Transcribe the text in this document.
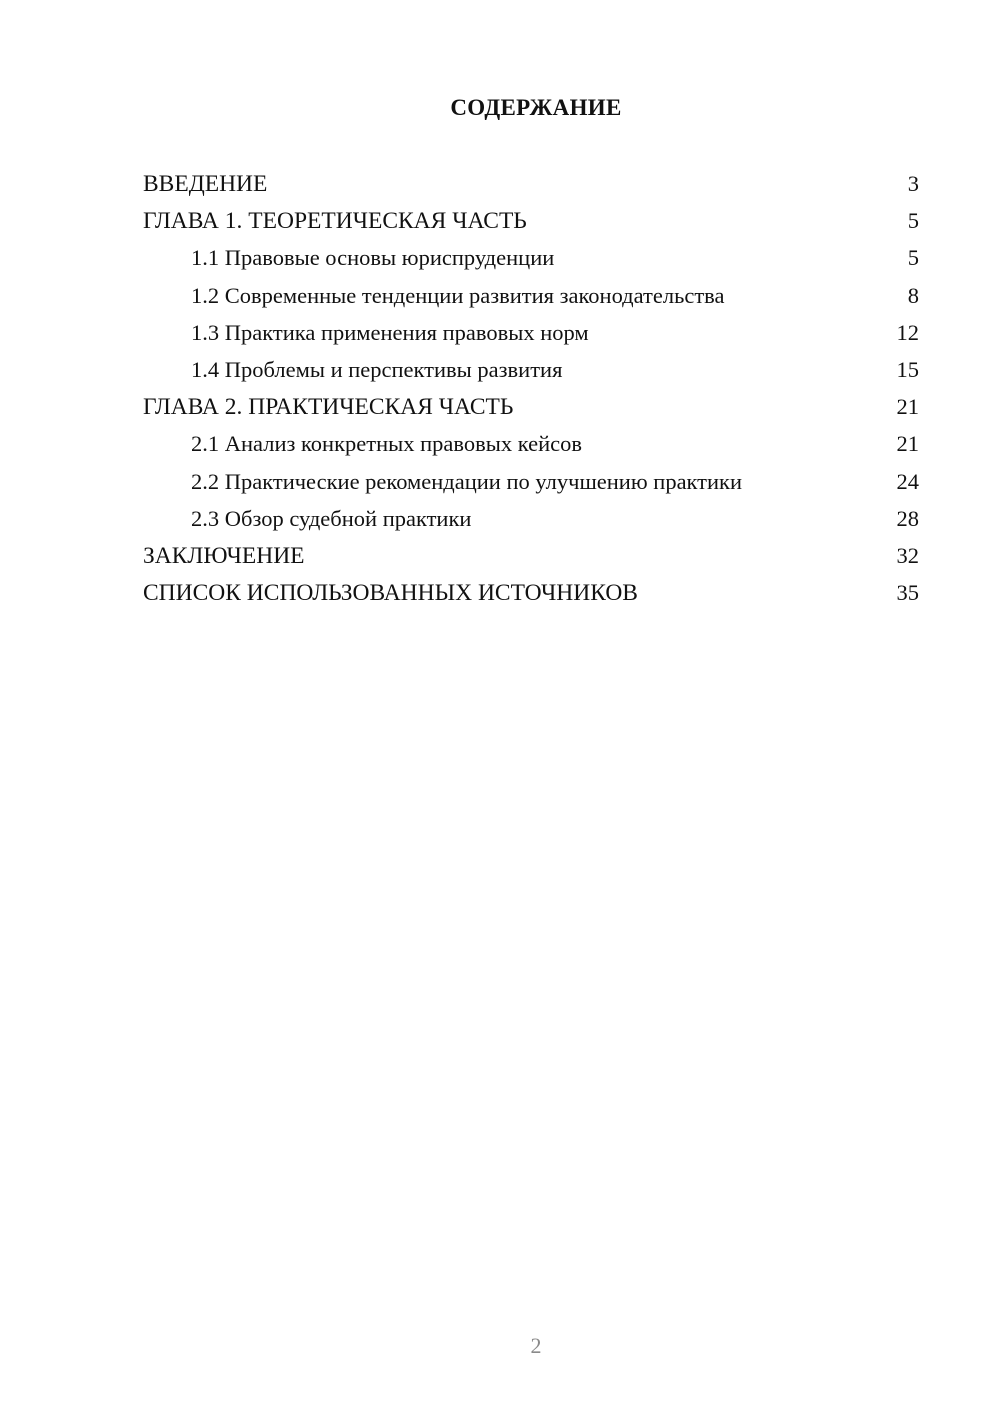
СОДЕРЖАНИЕ
ВВЕДЕНИЕ	3
ГЛАВА 1. ТЕОРЕТИЧЕСКАЯ ЧАСТЬ	5
1.1 Правовые основы юриспруденции	5
1.2 Современные тенденции развития законодательства	8
1.3 Практика применения правовых норм	12
1.4 Проблемы и перспективы развития	15
ГЛАВА 2. ПРАКТИЧЕСКАЯ ЧАСТЬ	21
2.1 Анализ конкретных правовых кейсов	21
2.2 Практические рекомендации по улучшению практики	24
2.3 Обзор судебной практики	28
ЗАКЛЮЧЕНИЕ	32
СПИСОК ИСПОЛЬЗОВАННЫХ ИСТОЧНИКОВ	35
2
